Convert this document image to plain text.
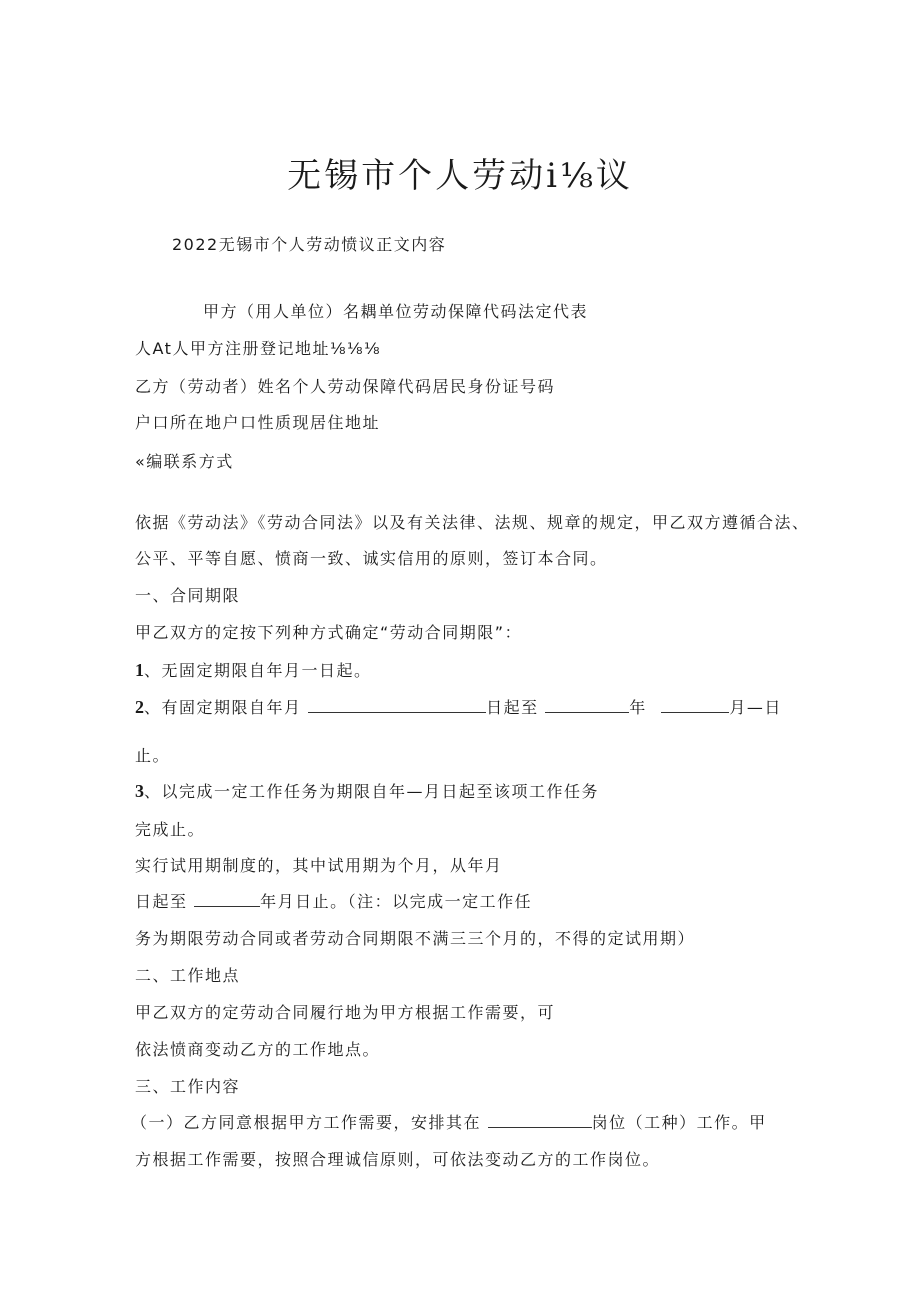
无锡市个人劳动i⅛议
2022无锡市个人劳动愤议正文内容
甲方（用人单位）名耦单位劳动保障代码法定代表
人At人甲方注册登记地址⅛⅛⅛
乙方（劳动者）姓名个人劳动保障代码居民身份证号码
户口所在地户口性质现居住地址
«编联系方式
依据《劳动法》《劳动合同法》以及有关法律、法规、规章的规定，甲乙双方遵循合法、
公平、平等自愿、愤商一致、诚实信用的原则，签订本合同。
一、合同期限
甲乙双方的定按下列种方式确定“劳动合同期限”：
1、无固定期限自年月一日起。
2、有固定期限自年月	日起至	年	月—日
止。
3、以完成一定工作任务为期限自年—月日起至该项工作任务
完成止。
实行试用期制度的，其中试用期为个月，从年月
日起至	年月日止。（注：以完成一定工作任
务为期限劳动合同或者劳动合同期限不满三三个月的，不得的定试用期）
二、工作地点
甲乙双方的定劳动合同履行地为甲方根据工作需要，可
依法愤商变动乙方的工作地点。
三、工作内容
（一）乙方同意根据甲方工作需要，安排其在	岗位（工种）工作。甲
方根据工作需要，按照合理诚信原则，可依法变动乙方的工作岗位。
